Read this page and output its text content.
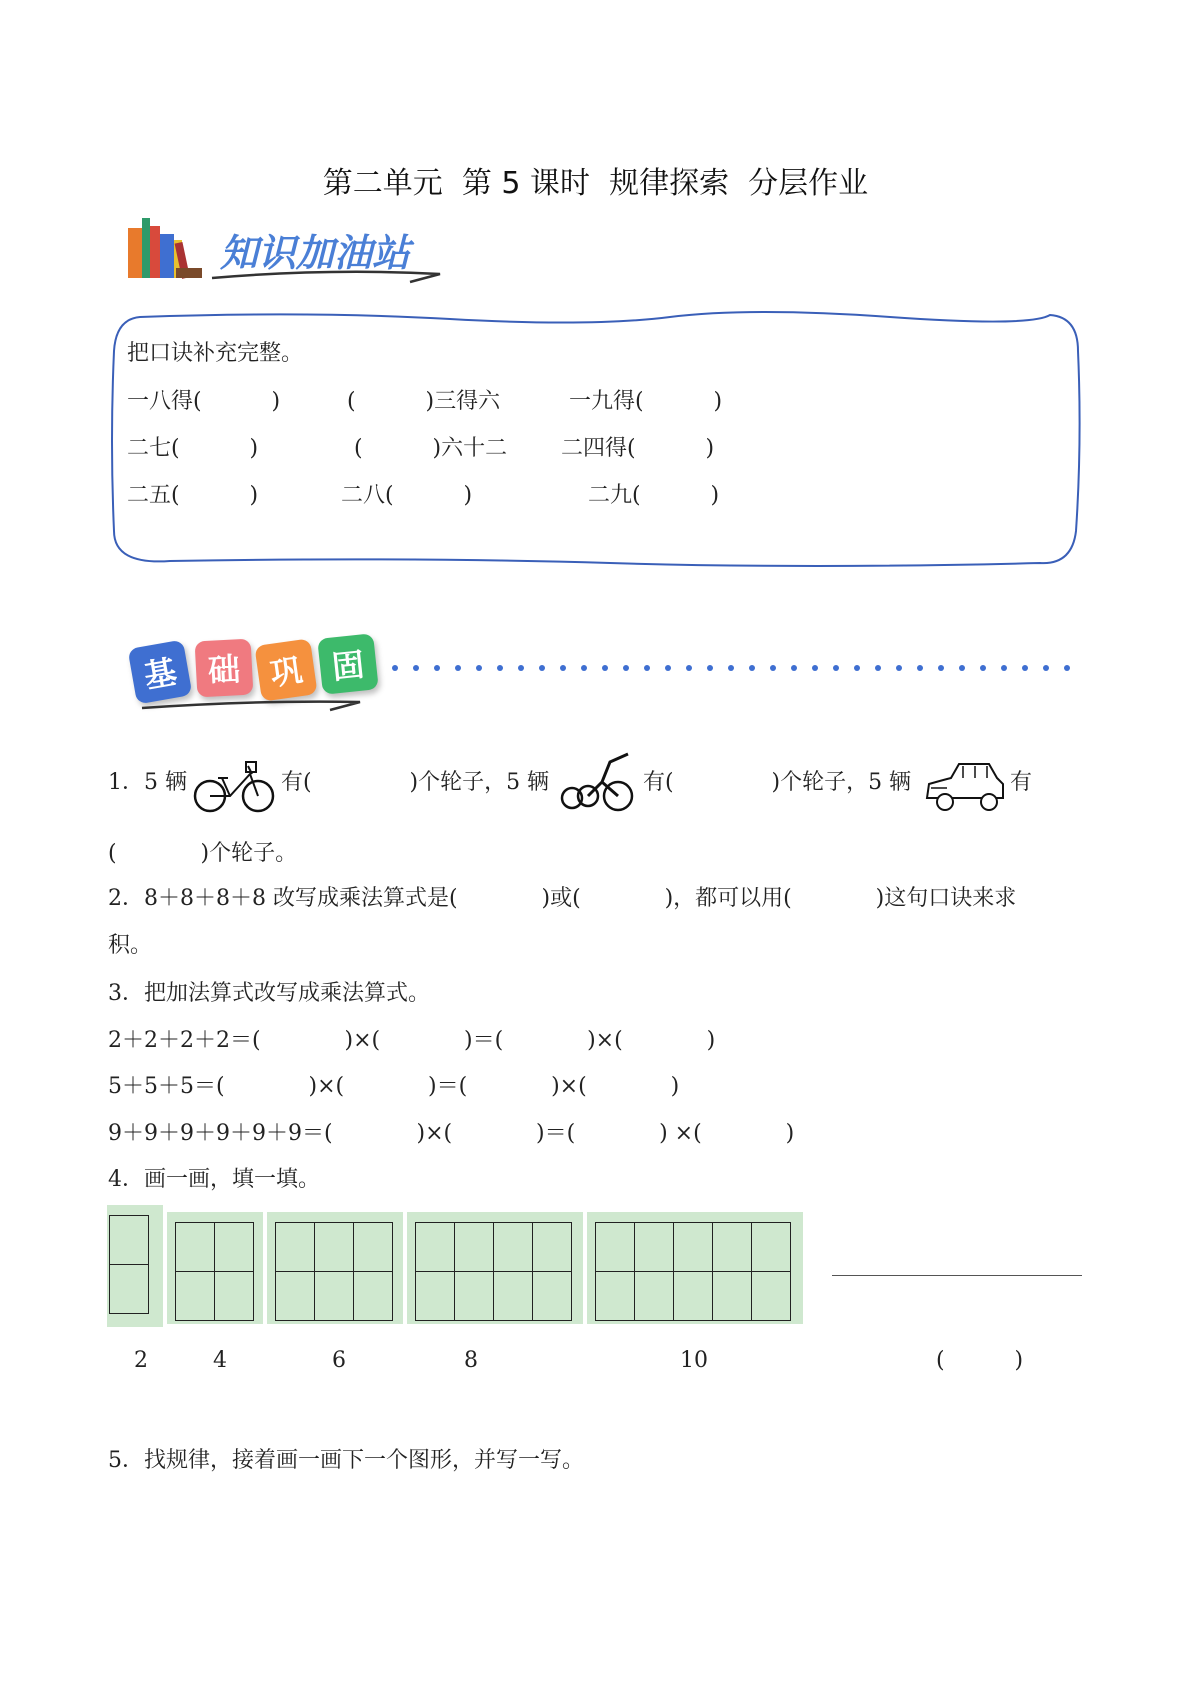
第二单元  第 5 课时  规律探索  分层作业
知识加油站
把口诀补充完整。
一八得(          )	(          )三得六	一九得(          )
二七(          )	(          )六十二 二四得(          )
二五(          )	二八(          )	二九(          )
基 础 巩 固
1．5 辆	有(              )个轮子，5 辆	有(              )个轮子，5 辆	有
(            )个轮子。
2．8＋8＋8＋8 改写成乘法算式是(            )或(            )，都可以用(            )这句口诀来求
积。
3．把加法算式改写成乘法算式。
2＋2＋2＋2＝(            )×(            )＝(            )×(            )
5＋5＋5＝(            )×(            )＝(            )×(            )
9＋9＋9＋9＋9＋9＝(            )×(            )＝(            ) ×(            )
4．画一画，填一填。

2	4	6	8	10	(          )
5．找规律，接着画一画下一个图形，并写一写。
